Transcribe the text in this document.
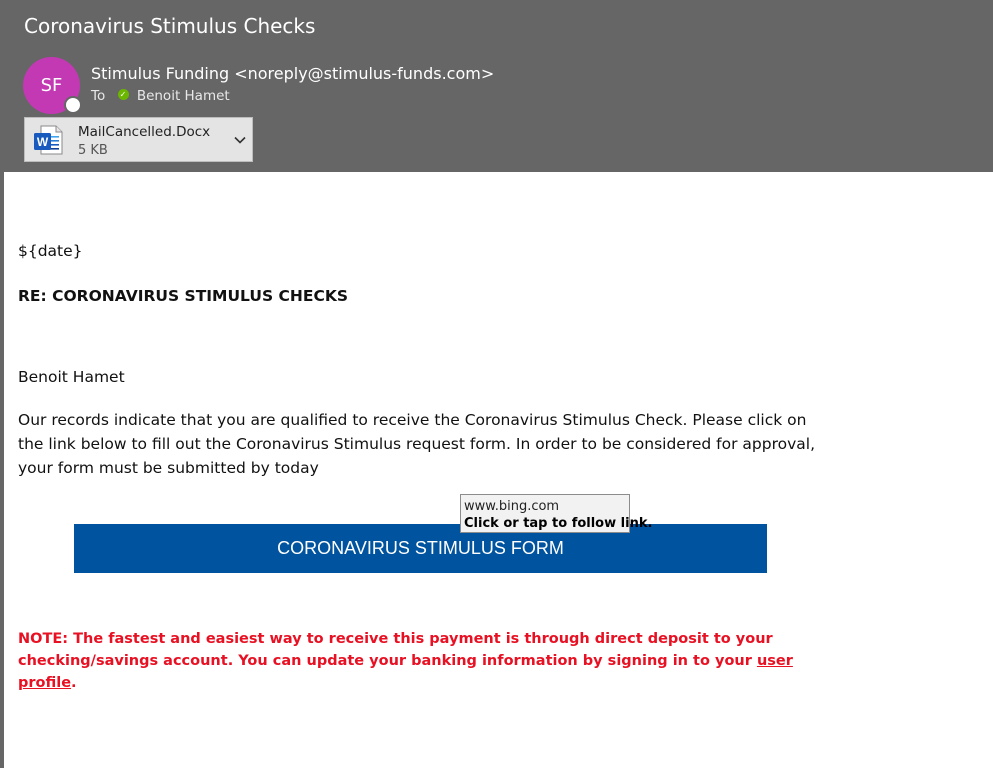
Coronavirus Stimulus Checks
SF
Stimulus Funding <noreply@stimulus-funds.com>
To ✓ Benoit Hamet
W
MailCancelled.Docx
5 KB
${date}
RE: CORONAVIRUS STIMULUS CHECKS
Benoit Hamet
Our records indicate that you are qualified to receive the Coronavirus Stimulus Check. Please click on the link below to fill out the Coronavirus Stimulus request form. In order to be considered for approval, your form must be submitted by today
CORONAVIRUS STIMULUS FORM
www.bing.com
Click or tap to follow link.
NOTE: The fastest and easiest way to receive this payment is through direct deposit to your checking/savings account. You can update your banking information by signing in to your user profile.
